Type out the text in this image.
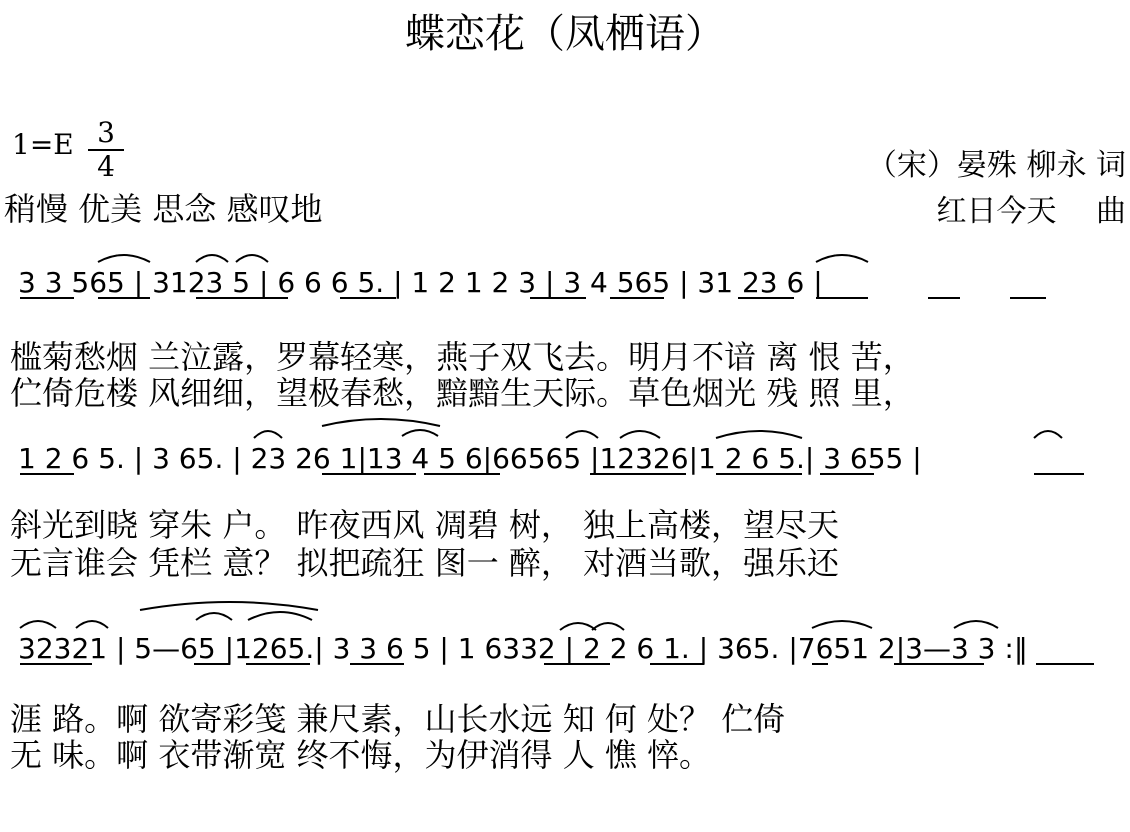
蝶恋花（凤栖语）
1=E 3
4
稍慢 优美 思念 感叹地
（宋）晏殊 柳永 词
红日今天 　曲
3 3 565 | 3123 5 | 6 6 6 5. | 1 2 1 2 3 | 3 4 565 | 31 23 6 |
槛菊愁烟 兰泣露，罗幕轻寒，燕子双飞去。明月不谙 离 恨 苦，
伫倚危楼 风细细，望极春愁，黯黯生天际。草色烟光 残 照 里，
1 2 6 5. | 3 65. | 23 26 1|13 4 5 6|66565 |12326|1 2 6 5.| 3 655 |
斜光到晓 穿朱 户。 昨夜西风 凋碧 树， 独上高楼，望尽天
无言谁会 凭栏 意？ 拟把疏狂 图一 醉， 对酒当歌，强乐还
32321 | 5—65 |1265.| 3 3 6 5 | 1 6332 | 2 2 6 1. | 365. |7651 2|3—3 3 :‖
涯 路。啊 欲寄彩笺 兼尺素，山长水远 知 何 处？ 伫倚
无 味。啊 衣带渐宽 终不悔，为伊消得 人 憔 悴。
